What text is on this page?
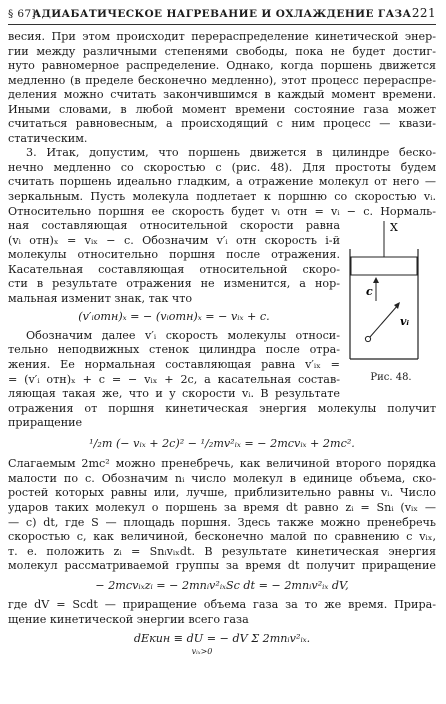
§ 67]
АДИАБАТИЧЕСКОЕ НАГРЕВАНИЕ И ОХЛАЖДЕНИЕ ГАЗА 221

весия. При этом происходит перераспределение кинетической энер-
гии между различными степенями свободы, пока не будет достиг-
нуто равномерное распределение. Однако, когда поршень движется
медленно (в пределе бесконечно медленно), этот процесс перераспре-
деления можно считать закончившимся в каждый момент времени.
Иными словами, в любой момент времени состояние газа может
считаться равновесным, а происходящий с ним процесс — квази-
статическим.

3. Итак, допустим, что поршень движется в цилиндре беско-
нечно медленно со скоростью c (рис. 48). Для простоты будем
считать поршень идеально гладким, а отражение молекул от него —
зеркальным. Пусть молекула подлетает к поршню со скоростью vᵢ.
Относительно поршня ее скорость будет vᵢ отн = vᵢ − c. Нормаль-

X
c
vᵢ
Рис. 48.
ная составляющая относительной скорости равна
(vᵢ отн)ₓ = vᵢₓ − c. Обозначим v′ᵢ отн скорость i-й
молекулы относительно поршня после отражения.
Касательная составляющая относительной скоро-
сти в результате отражения не изменится, а нор-
мальная изменит знак, так что
(v′ᵢотн)ₓ = − (vᵢотн)ₓ = − vᵢₓ + c.
Обозначим далее v′ᵢ скорость молекулы относи-
тельно неподвижных стенок цилиндра после отра-
жения. Ее нормальная составляющая равна v′ᵢₓ =
= (v′ᵢ отн)ₓ + c = − vᵢₓ + 2c, а касательная состав-
ляющая такая же, что и у скорости vᵢ. В результате

отражения от поршня кинетическая энергия молекулы получит
приращение

¹/₂m (− vᵢₓ + 2c)² − ¹/₂mv²ᵢₓ = − 2mcvᵢₓ + 2mc².

Слагаемым 2mc² можно пренебречь, как величиной второго порядка
малости по c. Обозначим nᵢ число молекул в единице объема, ско-
ростей которых равны или, лучше, приблизительно равны vᵢ. Число
ударов таких молекул о поршень за время dt равно zᵢ = Snᵢ (vᵢₓ —
— c) dt, где S — площадь поршня. Здесь также можно пренебречь
скоростью c, как величиной, бесконечно малой по сравнению с vᵢₓ,
т. е. положить zᵢ = Snᵢvᵢₓdt. В результате кинетическая энергия
молекул рассматриваемой группы за время dt получит приращение

− 2mcvᵢₓzᵢ = − 2mnᵢv²ᵢₓSc dt = − 2mnᵢv²ᵢₓ dV,

где dV = Scdt — приращение объема газа за то же время. Прира-
щение кинетической энергии всего газа

dEкин ≡ dU = − dV Σ 2mnᵢv²ᵢₓ.
vᵢₓ>0
